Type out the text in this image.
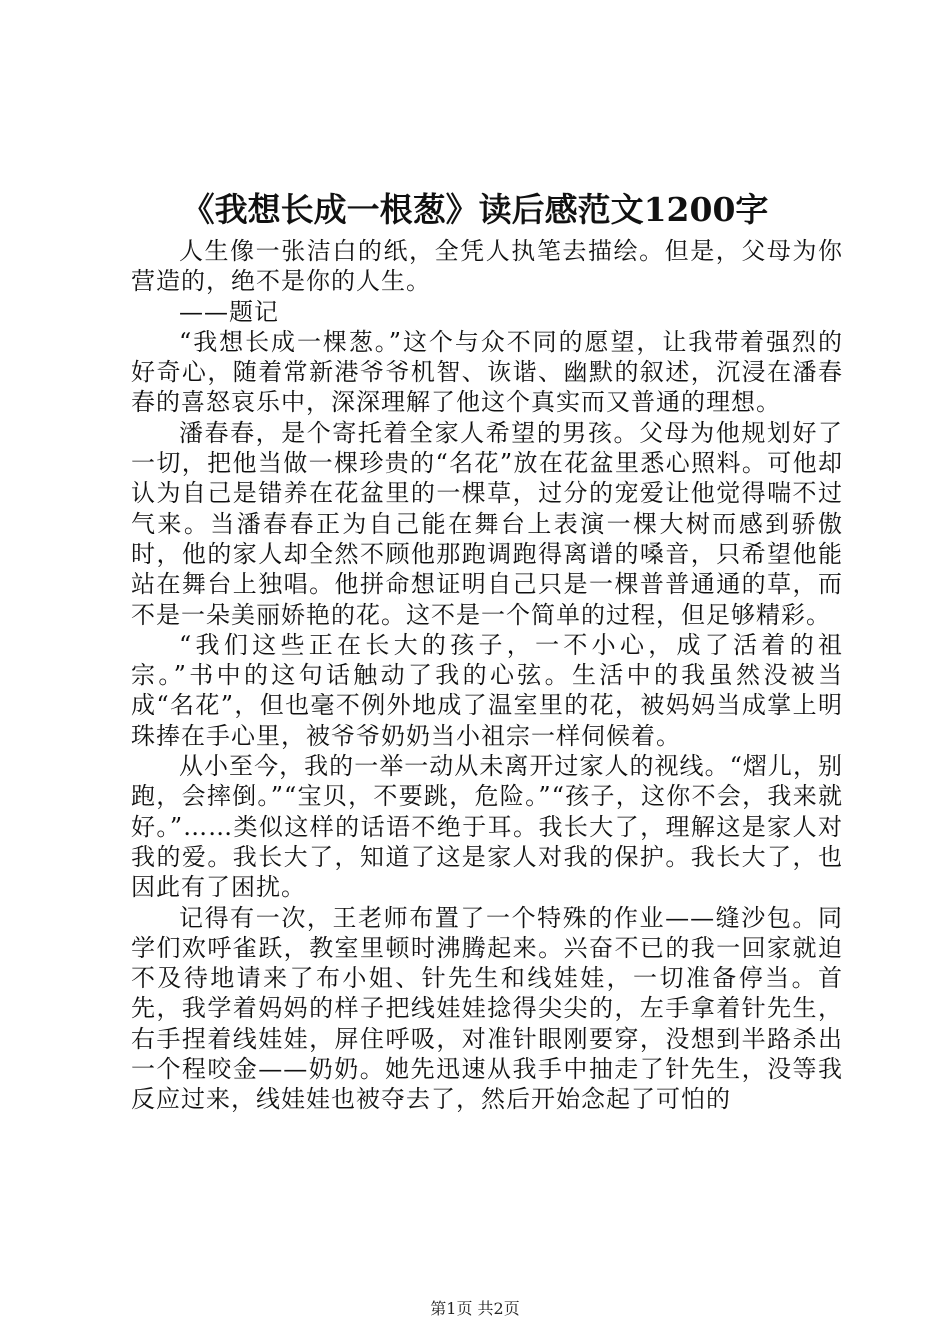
《我想长成一根葱》读后感范文1200字

人生像一张洁白的纸，全凭人执笔去描绘。但是，父母为你营造的，绝不是你的人生。

——题记

“我想长成一棵葱。”这个与众不同的愿望，让我带着强烈的好奇心，随着常新港爷爷机智、诙谐、幽默的叙述，沉浸在潘春春的喜怒哀乐中，深深理解了他这个真实而又普通的理想。

潘春春，是个寄托着全家人希望的男孩。父母为他规划好了一切，把他当做一棵珍贵的“名花”放在花盆里悉心照料。可他却认为自己是错养在花盆里的一棵草，过分的宠爱让他觉得喘不过气来。当潘春春正为自己能在舞台上表演一棵大树而感到骄傲时，他的家人却全然不顾他那跑调跑得离谱的嗓音，只希望他能站在舞台上独唱。他拼命想证明自己只是一棵普普通通的草，而不是一朵美丽娇艳的花。这不是一个简单的过程，但足够精彩。

“我们这些正在长大的孩子，一不小心，成了活着的祖宗。”书中的这句话触动了我的心弦。生活中的我虽然没被当成“名花”，但也毫不例外地成了温室里的花，被妈妈当成掌上明珠捧在手心里，被爷爷奶奶当小祖宗一样伺候着。

从小至今，我的一举一动从未离开过家人的视线。“熠儿，别跑，会摔倒。”“宝贝，不要跳，危险。”“孩子，这你不会，我来就好。”……类似这样的话语不绝于耳。我长大了，理解这是家人对我的爱。我长大了，知道了这是家人对我的保护。我长大了，也因此有了困扰。

记得有一次，王老师布置了一个特殊的作业——缝沙包。同学们欢呼雀跃，教室里顿时沸腾起来。兴奋不已的我一回家就迫不及待地请来了布小姐、针先生和线娃娃，一切准备停当。首先，我学着妈妈的样子把线娃娃捻得尖尖的，左手拿着针先生，右手捏着线娃娃，屏住呼吸，对准针眼刚要穿，没想到半路杀出一个程咬金——奶奶。她先迅速从我手中抽走了针先生，没等我反应过来，线娃娃也被夺去了，然后开始念起了可怕的

第1页 共2页
